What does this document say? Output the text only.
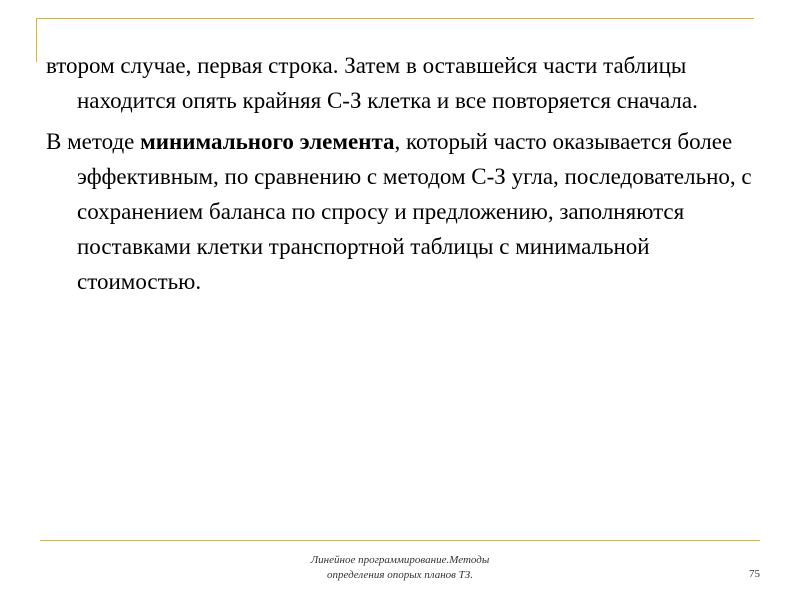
втором случае, первая строка. Затем в оставшейся части таблицы находится опять крайняя С-З клетка и все повторяется сначала.

В методе минимального элемента, который часто оказывается более эффективным, по сравнению с методом С-З угла, последовательно, с сохранением баланса по спросу и предложению, заполняются поставками клетки транспортной таблицы с минимальной стоимостью.

Линейное программирование.Методы
определения опорых планов ТЗ.	75
